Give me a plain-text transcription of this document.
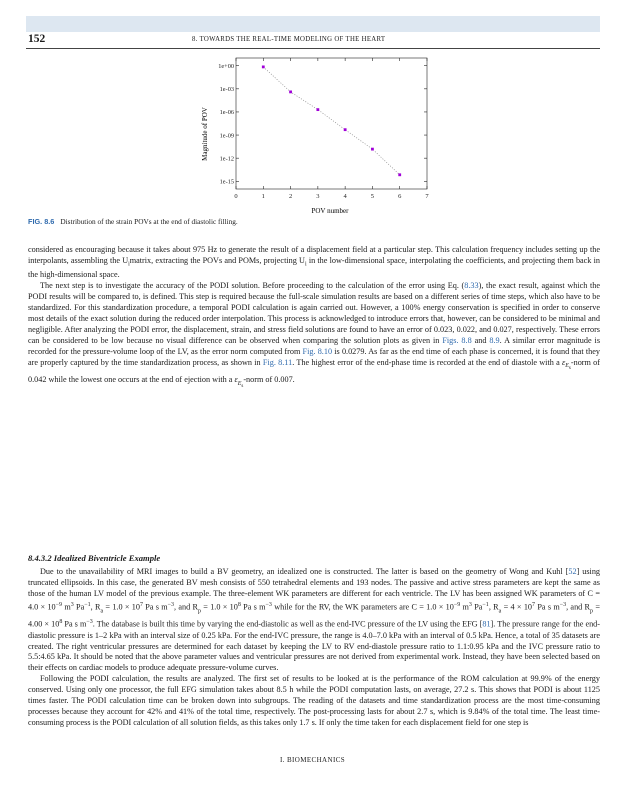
152	8. TOWARDS THE REAL-TIME MODELING OF THE HEART
0	1	2	3	4	5	6	7
1e+00
1e-03
1e-06
1e-09
1e-12
1e-15
POV number
Magnitude of POV
FIG. 8.6 Distribution of the strain POVs at the end of diastolic filling.

considered as encouraging because it takes about 975 Hz to generate the result of a displacement field at a particular step. This calculation frequency includes setting up the interpolants, assembling the $U_imatrix$, extracting the POVs and POMs, projecting $U_i$ in the low-dimensional space, interpolating the coefficients, and projecting them back in the high-dimensional space.

The next step is to investigate the accuracy of the PODI solution. Before proceeding to the calculation of the error using Eq. (8.33), the exact result, against which the PODI results will be compared to, is defined. This step is required because the full-scale simulation results are based on a different series of time steps, which also have to be standardized. For this standardization procedure, a temporal PODI calculation is again carried out. However, a 100% energy conservation is specified in order to conserve most details of the exact solution during the reduced order interpolation. This process is acknowledged to introduce errors that, however, can be considered to be minimal and negligible. After analyzing the PODI error, the displacement, strain, and stress field solutions are found to have an error of 0.023, 0.022, and 0.027, respectively. These errors can be considered to be low because no visual difference can be observed when comparing the solution plots as given in Figs. 8.8 and 8.9. A similar error magnitude is recorded for the pressure-volume loop of the LV, as the error norm computed from Fig. 8.10 is 0.0279. As far as the end time of each phase is concerned, it is found that they are properly captured by the time standardization process, as shown in Fig. 8.11. The highest error of the end-phase time is recorded at the end of diastole with a $\varepsilon_{E_s}$-norm of 0.042 while the lowest one occurs at the end of ejection with a $\varepsilon_{E_s}$-norm of 0.007.

8.4.3.2 Idealized Biventricle Example

Due to the unavailability of MRI images to build a BV geometry, an idealized one is constructed. The latter is based on the geometry of Wong and Kuhl [52] using truncated ellipsoids. In this case, the generated BV mesh consists of 550 tetrahedral elements and 193 nodes. The passive and active stress parameters are kept the same as those of the human LV model of the previous example. The three-element WK parameters are different for each ventricle. The LV has been assigned WK parameters of $C = 4.0 \times 10^{-9}$ $m^3$ $Pa^{-1}$, $R_a = 1.0 \times 10^7$ Pa s $m^{-3}$, and $R_p = 1.0 \times 10^8$ Pa s $m^{-3}$ while for the RV, the WK parameters are $C = 1.0 \times 10^{-9}$ $m^3$ $Pa^{-1}$, $R_a = 4 \times 10^7$ Pa s $m^{-3}$, and $R_p = 4.00 \times 10^8$ Pa s $m^{-3}$. The database is built this time by varying the end-diastolic as well as the end-IVC pressure of the LV using the EFG [81]. The pressure range for the end-diastolic pressure is 1–2 kPa with an interval size of 0.25 kPa. For the end-IVC pressure, the range is 4.0–7.0 kPa with an interval of 0.5 kPa. Hence, a total of 35 datasets are created. The right ventricular pressures are determined for each dataset by keeping the LV to RV end-diastole pressure ratio to 1.1:0.95 kPa and the IVC pressure ratio to 5.5:4.65 kPa. It should be noted that the above parameter values and ventricular pressures are not derived from experimental work. Instead, they have been selected based on their effects on cardiac models to produce adequate pressure-volume curves.

Following the PODI calculation, the results are analyzed. The first set of results to be looked at is the performance of the ROM calculation at 99.9% of the energy conserved. Using only one processor, the full EFG simulation takes about 8.5 h while the PODI computation lasts, on average, 27.2 s. This shows that PODI is about 1125 times faster. The PODI calculation time can be broken down into subgroups. The reading of the datasets and time standardization process are the most time-consuming processes because they account for 42% and 41% of the total time, respectively. The post-processing lasts for about 2.7 s, which is 9.84% of the total time. The least time-consuming process is the PODI calculation of all solution fields, as this takes only 1.7 s. If only the time taken for each displacement field for one step is

I. BIOMECHANICS
